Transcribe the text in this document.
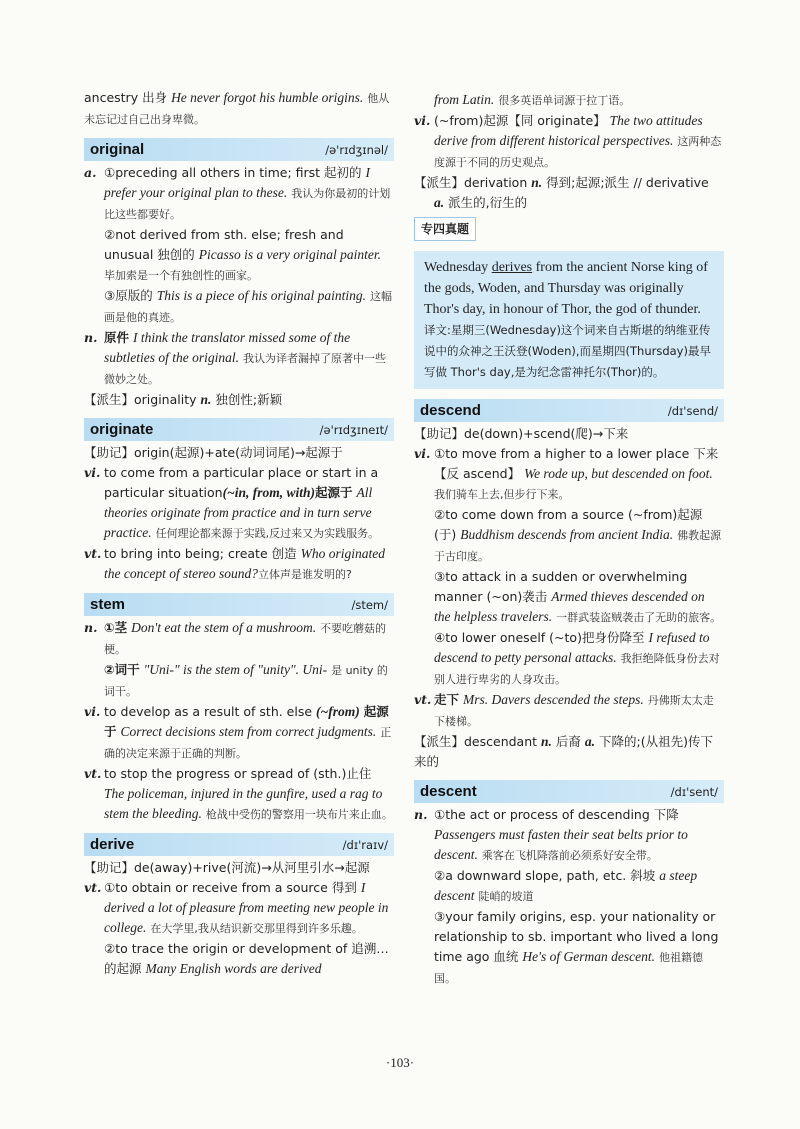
ancestry 出身 He never forgot his humble origins. 他从未忘记过自己出身卑微。

original	/ə'rɪdʒɪnəl/

a. ①preceding all others in time; first 起初的 I prefer your original plan to these. 我认为你最初的计划比这些都要好。

②not derived from sth. else; fresh and unusual 独创的 Picasso is a very original painter. 毕加索是一个有独创性的画家。

③原版的 This is a piece of his original painting. 这幅画是他的真迹。

n. 原件 I think the translator missed some of the subtleties of the original. 我认为译者漏掉了原著中一些微妙之处。

【派生】originality n. 独创性;新颖

originate	/ə'rɪdʒɪneɪt/

【助记】origin(起源)+ate(动词词尾)→起源于

vi. to come from a particular place or start in a particular situation(~in, from, with)起源于 All theories originate from practice and in turn serve practice. 任何理论都来源于实践,反过来又为实践服务。

vt. to bring into being; create 创造 Who originated the concept of stereo sound?立体声是谁发明的?

stem	/stem/

n. ①茎 Don't eat the stem of a mushroom. 不要吃蘑菇的梗。

②词干 "Uni-" is the stem of "unity". Uni- 是 unity 的词干。

vi. to develop as a result of sth. else (~from) 起源于 Correct decisions stem from correct judgments. 正确的决定来源于正确的判断。

vt. to stop the progress or spread of (sth.)止住 The policeman, injured in the gunfire, used a rag to stem the bleeding. 枪战中受伤的警察用一块布片来止血。

derive	/dɪ'raɪv/

【助记】de(away)+rive(河流)→从河里引水→起源

vt. ①to obtain or receive from a source 得到 I derived a lot of pleasure from meeting new people in college. 在大学里,我从结识新交那里得到许多乐趣。

②to trace the origin or development of 追溯…的起源 Many English words are derived

from Latin. 很多英语单词源于拉丁语。

vi. (~from)起源【同 originate】 The two attitudes derive from different historical perspectives. 这两种态度源于不同的历史观点。

【派生】derivation n. 得到;起源;派生 // derivative

a. 派生的,衍生的

专四真题
Wednesday derives from the ancient Norse king of the gods, Woden, and Thursday was originally Thor's day, in honour of Thor, the god of thunder.
译文:星期三(Wednesday)这个词来自古斯堪的纳维亚传说中的众神之王沃登(Woden),而星期四(Thursday)最早写做 Thor's day,是为纪念雷神托尔(Thor)的。
descend	/dɪ'send/

【助记】de(down)+scend(爬)→下来

vi. ①to move from a higher to a lower place 下来【反 ascend】 We rode up, but descended on foot. 我们骑车上去,但步行下来。

②to come down from a source (~from)起源(于) Buddhism descends from ancient India. 佛教起源于古印度。

③to attack in a sudden or overwhelming manner (~on)袭击 Armed thieves descended on the helpless travelers. 一群武装盗贼袭击了无助的旅客。

④to lower oneself (~to)把身份降至 I refused to descend to petty personal attacks. 我拒绝降低身份去对别人进行卑劣的人身攻击。

vt. 走下 Mrs. Davers descended the steps. 丹佛斯太太走下楼梯。

【派生】descendant n. 后裔 a. 下降的;(从祖先)传下来的

descent	/dɪ'sent/

n. ①the act or process of descending 下降 Passengers must fasten their seat belts prior to descent. 乘客在飞机降落前必须系好安全带。

②a downward slope, path, etc. 斜坡 a steep descent 陡峭的坡道

③your family origins, esp. your nationality or relationship to sb. important who lived a long time ago 血统 He's of German descent. 他祖籍德国。

·103·
